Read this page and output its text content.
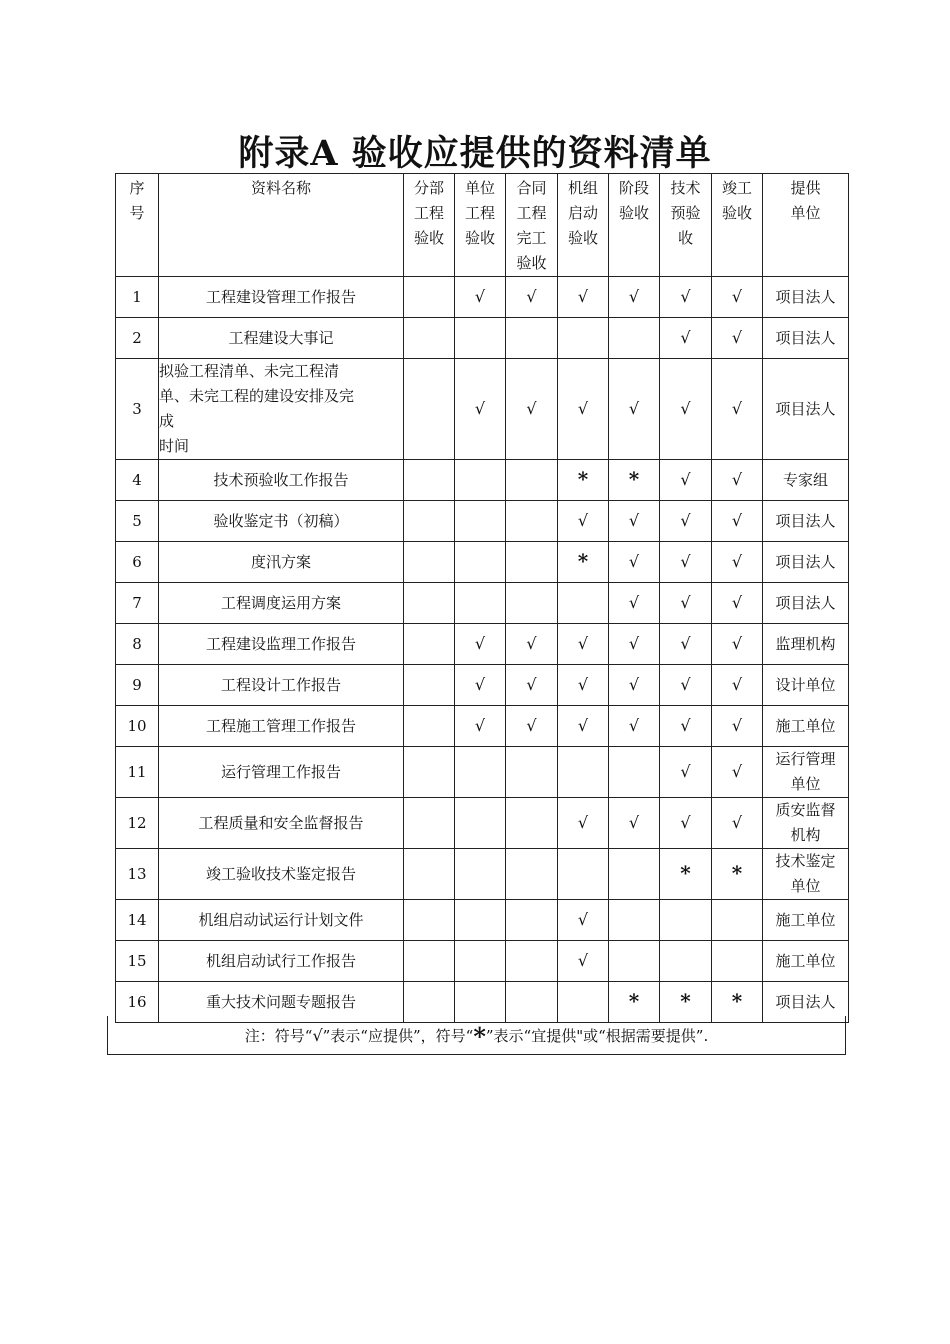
附录A 验收应提供的资料清单
序
号	资料名称	分部
工程
验收	单位
工程
验收	合同
工程
完工
验收	机组
启动
验收	阶段
验收	技术
预验
收	竣工
验收	提供
单位

1	工程建设管理工作报告		√	√	√	√	√	√	项目法人

2	工程建设大事记						√	√	项目法人

3	拟验工程清单、未完工程清
单、未完工程的建设安排及完
成
时间		√	√	√	√	√	√	项目法人

4	技术预验收工作报告				*	*	√	√	专家组

5	验收鉴定书（初稿）				√	√	√	√	项目法人

6	度汛方案				*	√	√	√	项目法人

7	工程调度运用方案					√	√	√	项目法人

8	工程建设监理工作报告		√	√	√	√	√	√	监理机构

9	工程设计工作报告		√	√	√	√	√	√	设计单位

10	工程施工管理工作报告		√	√	√	√	√	√	施工单位

11	运行管理工作报告						√	√	运行管理
单位

12	工程质量和安全监督报告				√	√	√	√	质安监督
机构

13	竣工验收技术鉴定报告						*	*	技术鉴定
单位

14	机组启动试运行计划文件				√				施工单位

15	机组启动试行工作报告				√				施工单位

16	重大技术问题专题报告					*	*	*	项目法人
注：符号“√”表示“应提供”，符号“*”表示“宜提供"或“根据需要提供”.
